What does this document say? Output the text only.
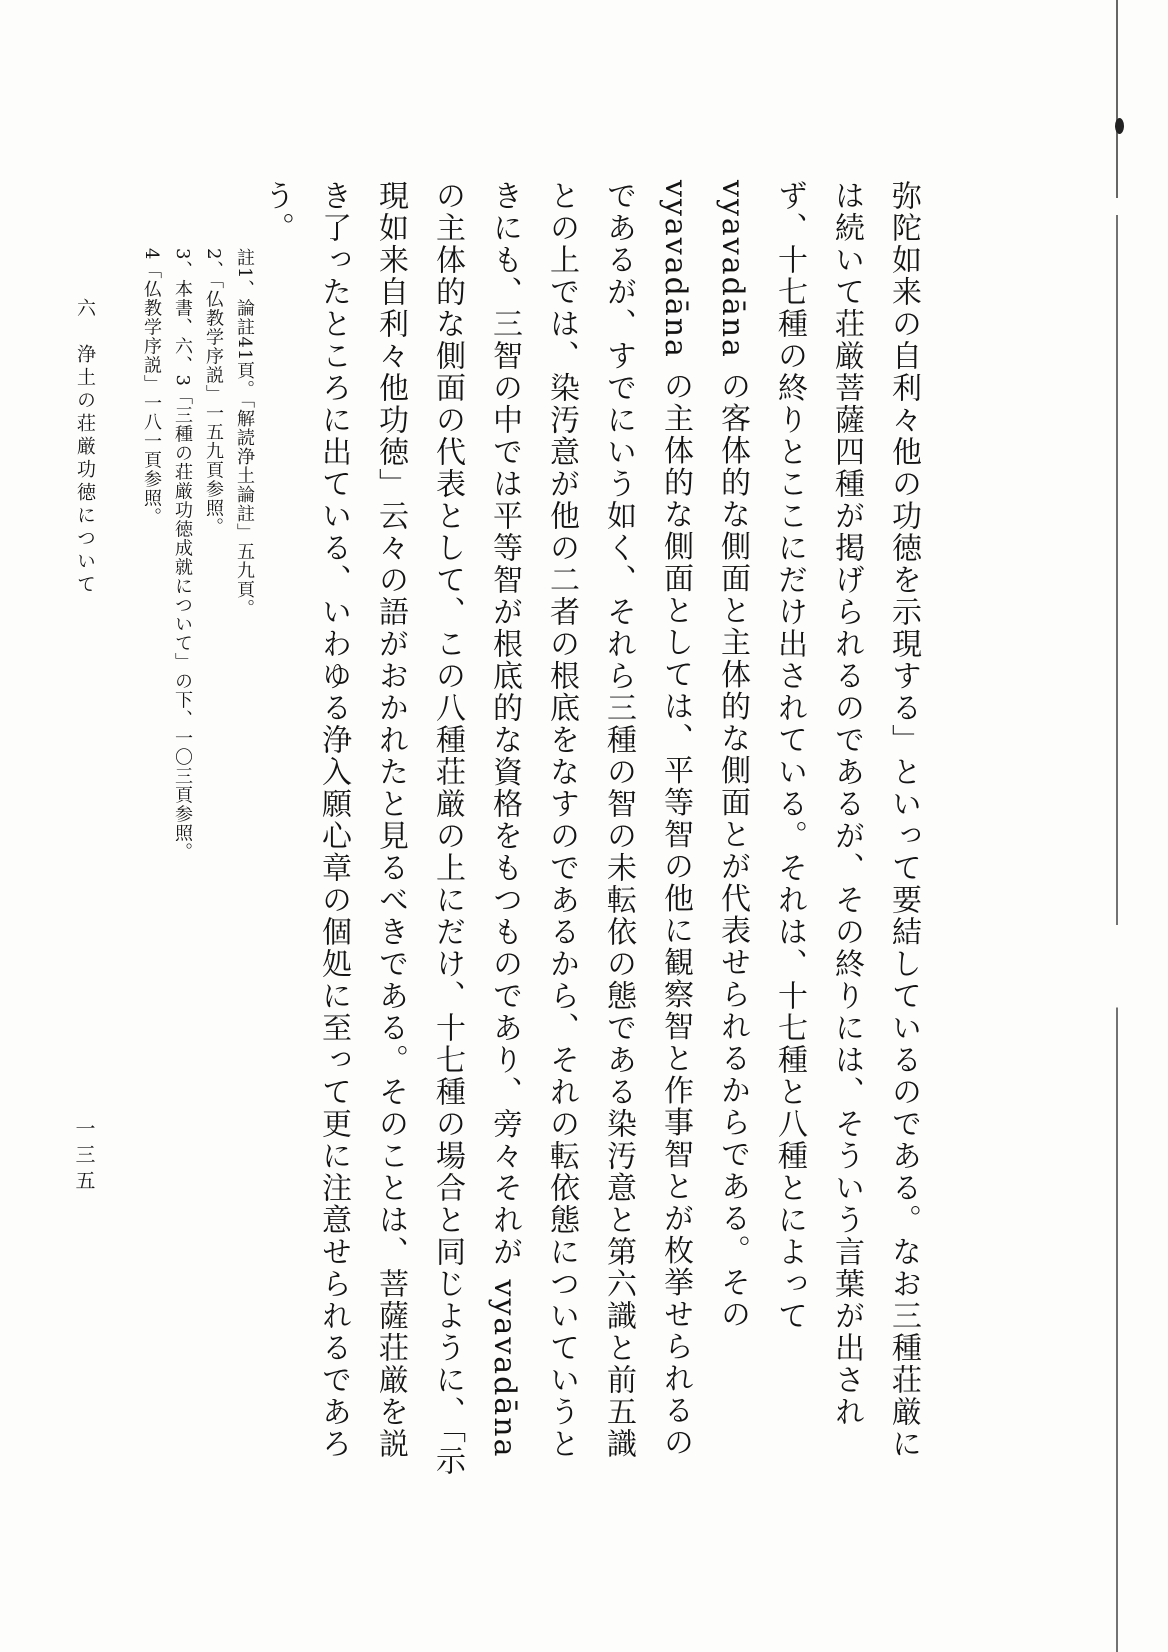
弥陀如来の自利々他の功徳を示現する」といって要結しているのである。なお三種荘厳には続いて荘厳菩薩四種が掲げられるのであるが、その終りには、そういう言葉が出されず、十七種の終りとここにだけ出されている。それは、十七種と八種とによって vyavadāna の客体的な側面と主体的な側面とが代表せられるからである。その vyavadāna の主体的な側面としては、平等智の他に観察智と作事智とが枚挙せられるのであるが、すでにいう如く、それら三種の智の未転依の態である染汚意と第六識と前五識との上では、染汚意が他の二者の根底をなすのであるから、それの転依態についていうときにも、三智の中では平等智が根底的な資格をもつものであり、旁々それが vyavadāna の主体的な側面の代表として、この八種荘厳の上にだけ、十七種の場合と同じように、「示現如来自利々他功徳」云々の語がおかれたと見るべきである。そのことは、菩薩荘厳を説き了ったところに出ている、いわゆる浄入願心章の個処に至って更に注意せられるであろう。

註1、論註41頁。「解読浄土論註」五九頁。

2、「仏教学序説」一五九頁参照。

3、本書、六、3「三種の荘厳功徳成就について」の下、一〇三頁参照。

4「仏教学序説」一八一頁参照。

六　浄土の荘厳功徳について
一三五
